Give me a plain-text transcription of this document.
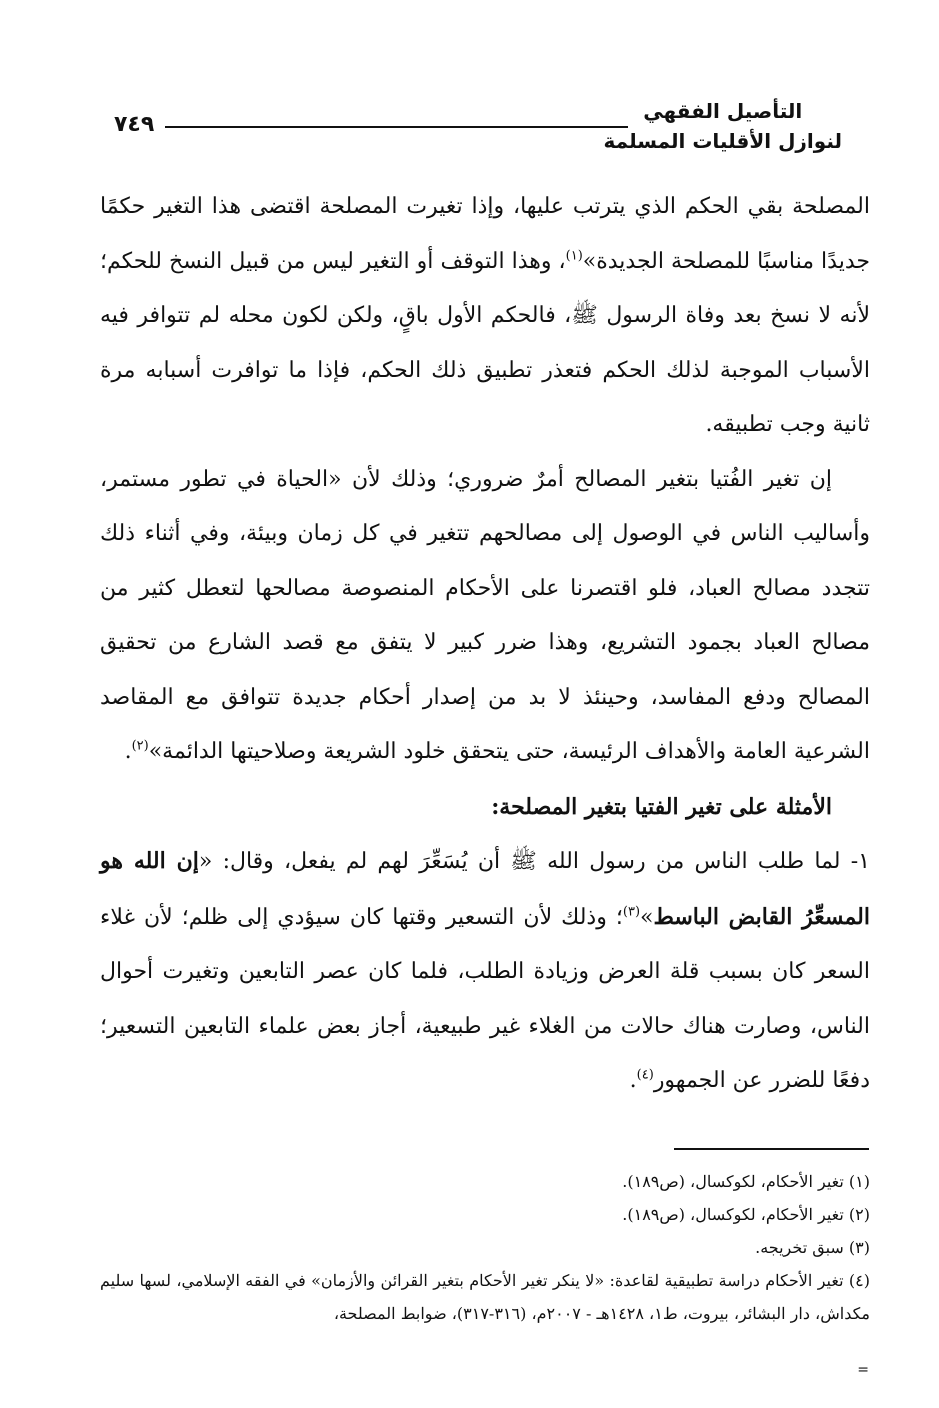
التأصيل الفقهي
لنوازل الأقليات المسلمة
٧٤٩

المصلحة بقي الحكم الذي يترتب عليها، وإذا تغيرت المصلحة اقتضى هذا التغير حكمًا جديدًا مناسبًا للمصلحة الجديدة»$^{(١)}$، وهذا التوقف أو التغير ليس من قبيل النسخ للحكم؛ لأنه لا نسخ بعد وفاة الرسول ﷺ، فالحكم الأول باقٍ، ولكن لكون محله لم تتوافر فيه الأسباب الموجبة لذلك الحكم فتعذر تطبيق ذلك الحكم، فإذا ما توافرت أسبابه مرة ثانية وجب تطبيقه.

إن تغير الفُتيا بتغير المصالح أمرٌ ضروري؛ وذلك لأن «الحياة في تطور مستمر، وأساليب الناس في الوصول إلى مصالحهم تتغير في كل زمان وبيئة، وفي أثناء ذلك تتجدد مصالح العباد، فلو اقتصرنا على الأحكام المنصوصة مصالحها لتعطل كثير من مصالح العباد بجمود التشريع، وهذا ضرر كبير لا يتفق مع قصد الشارع من تحقيق المصالح ودفع المفاسد، وحينئذ لا بد من إصدار أحكام جديدة تتوافق مع المقاصد الشرعية العامة والأهداف الرئيسة، حتى يتحقق خلود الشريعة وصلاحيتها الدائمة»$^{(٢)}$.

الأمثلة على تغير الفتيا بتغير المصلحة:

١- لما طلب الناس من رسول الله ﷺ أن يُسَعِّرَ لهم لم يفعل، وقال: «إن الله هو المسعِّرُ القابض الباسط»$^{(٣)}$؛ وذلك لأن التسعير وقتها كان سيؤدي إلى ظلم؛ لأن غلاء السعر كان بسبب قلة العرض وزيادة الطلب، فلما كان عصر التابعين وتغيرت أحوال الناس، وصارت هناك حالات من الغلاء غير طبيعية، أجاز بعض علماء التابعين التسعير؛ دفعًا للضرر عن الجمهور$^{(٤)}$.

(١) تغير الأحكام، لكوكسال، (ص١٨٩).

(٢) تغير الأحكام، لكوكسال، (ص١٨٩).

(٣) سبق تخريجه.

(٤) تغير الأحكام دراسة تطبيقية لقاعدة: «لا ينكر تغير الأحكام بتغير القرائن والأزمان» في الفقه الإسلامي، لسها سليم مكداش، دار البشائر، بيروت، ط١، ١٤٢٨هـ - ٢٠٠٧م، (٣١٦-٣١٧)، ضوابط المصلحة،

=
